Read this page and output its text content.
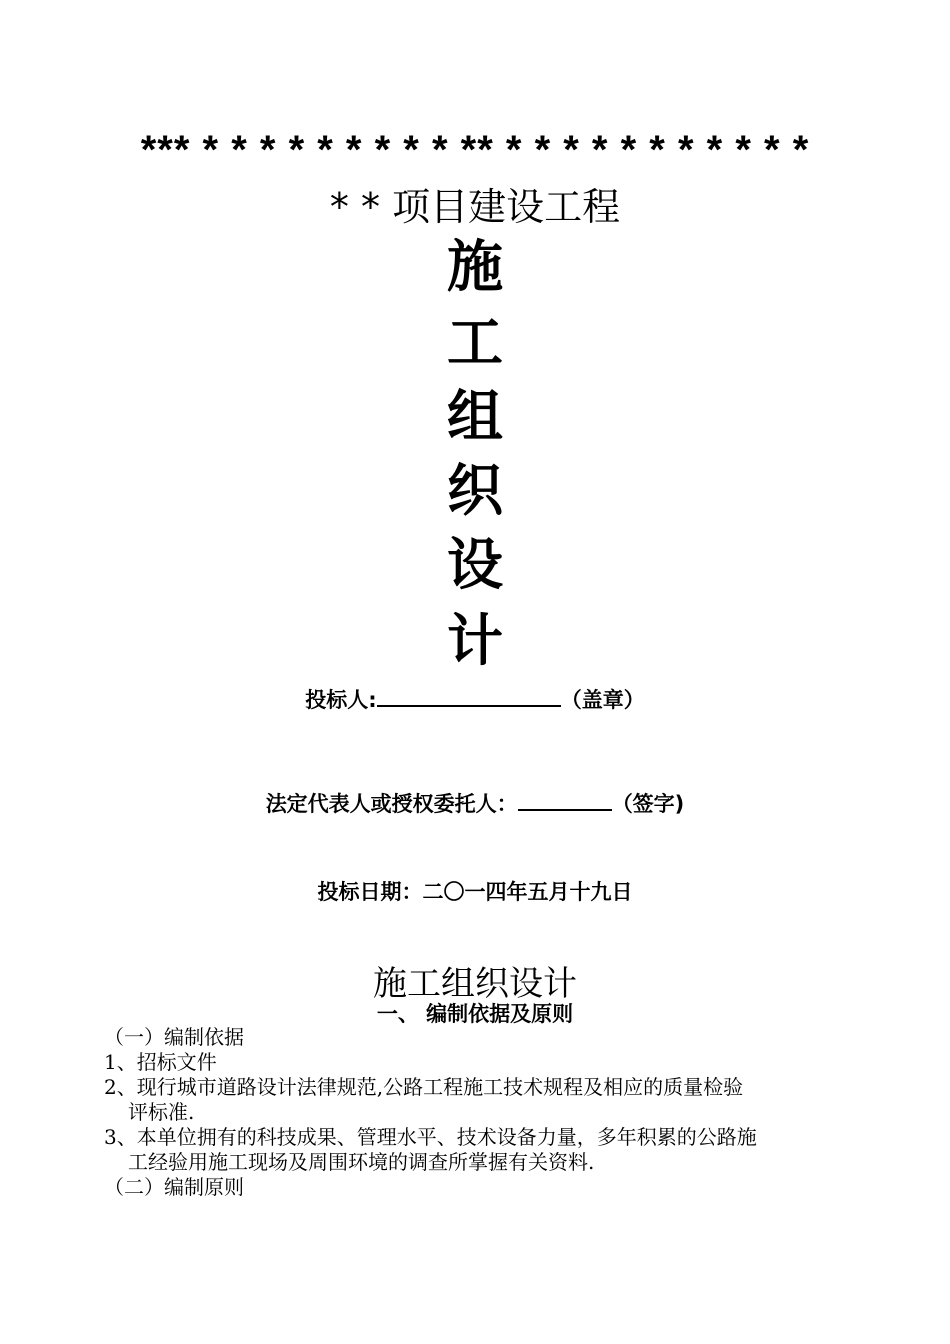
*** * * * * * * * * * ** * * * * * * * * * * *
* * 项目建设工程
施
工
组
织
设
计
投标人:	（盖章）
法定代表人或授权委托人：	（签字)
投标日期：二〇一四年五月十九日
施工组织设计
一、 编制依据及原则
（一）编制依据
1、招标文件
2、现行城市道路设计法律规范,公路工程施工技术规程及相应的质量检验
评标准.
3、本单位拥有的科技成果、管理水平、技术设备力量，多年积累的公路施
工经验用施工现场及周围环境的调查所掌握有关资料.
（二）编制原则
